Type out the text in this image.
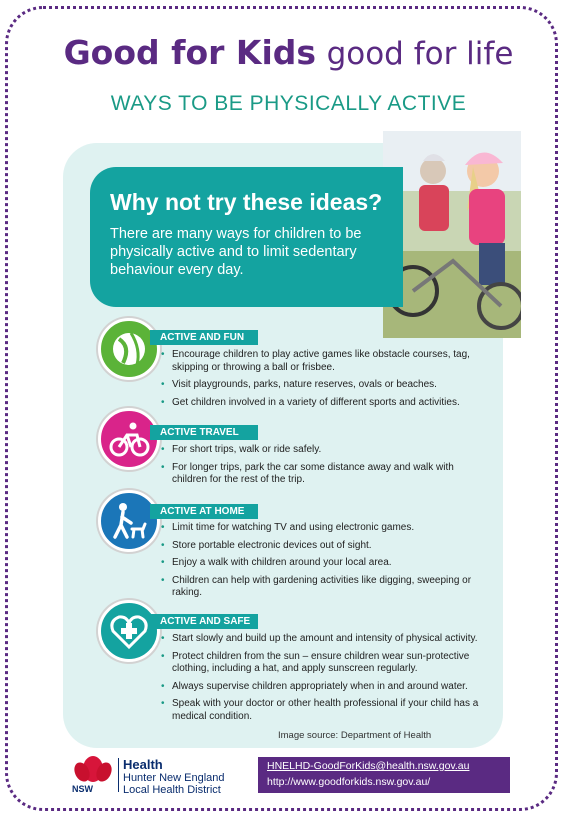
Good for Kids good for life
WAYS TO BE PHYSICALLY ACTIVE
Why not try these ideas?

There are many ways for children to be physically active and to limit sedentary behaviour every day.

ACTIVE AND FUN
• Encourage children to play active games like obstacle courses, tag, skipping or throwing a ball or frisbee.
• Visit playgrounds, parks, nature reserves, ovals or beaches.
• Get children involved in a variety of different sports and activities.
ACTIVE TRAVEL
• For short trips, walk or ride safely.
• For longer trips, park the car some distance away and walk with children for the rest of the trip.
ACTIVE AT HOME
• Limit time for watching TV and using electronic games.
• Store portable electronic devices out of sight.
• Enjoy a walk with children around your local area.
• Children can help with gardening activities like digging, sweeping or raking.
ACTIVE AND SAFE
• Start slowly and build up the amount and intensity of physical activity.
• Protect children from the sun – ensure children wear sun-protective clothing, including a hat, and apply sunscreen regularly.
• Always supervise children appropriately when in and around water.
• Speak with your doctor or other health professional if your child has a medical condition.
Image source: Department of Health
NSW
Health
Hunter New England
Local Health District
HNELHD-GoodForKids@health.nsw.gov.au
http://www.goodforkids.nsw.gov.au/
